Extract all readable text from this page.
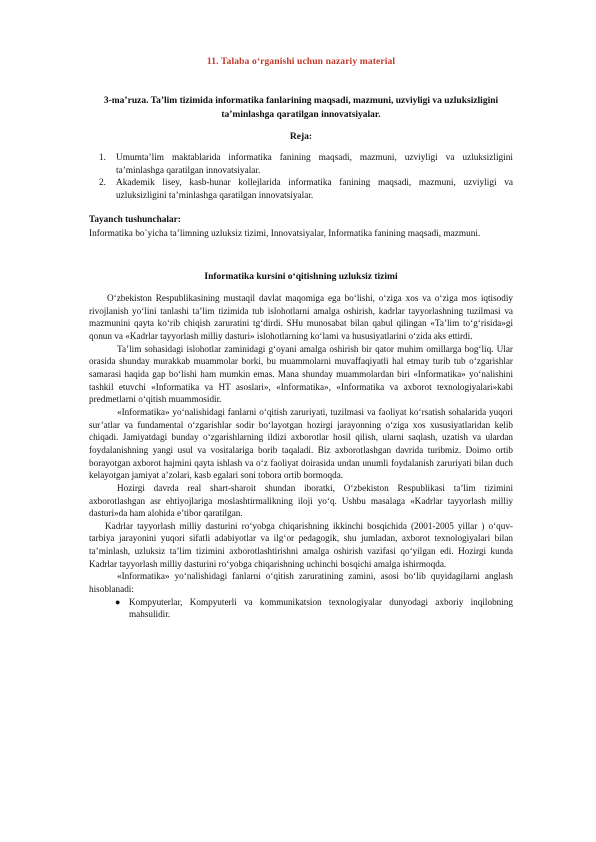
11. Talaba o‘rganishi uchun nazariy material
3-ma’ruza. Ta’lim tizimida informatika fanlarining maqsadi, mazmuni, uzviyligi va uzluksizligini ta’minlashga qaratilgan innovatsiyalar.
Reja:
1. Umumta’lim maktablarida informatika fanining maqsadi, mazmuni, uzviyligi va uzluksizligini ta’minlashga qaratilgan innovatsiyalar.
2. Akademik lisey, kasb-hunar kollejlarida informatika fanining maqsadi, mazmuni, uzviyligi va uzluksizligini ta’minlashga qaratilgan innovatsiyalar.
Tayanch tushunchalar:
Informatika bo`yicha ta’limning uzluksiz tizimi, Innovatsiyalar, Informatika fanining maqsadi, mazmuni.
Informatika kursini o‘qitishning uzluksiz tizimi

O‘zbekiston Respublikasining mustaqil davlat maqomiga ega bo‘lishi, o‘ziga xos va o‘ziga mos iqtisodiy rivojlanish yo‘lini tanlashi ta’lim tizimida tub islohotlarni amalga oshirish, kadrlar tayyorlashning tuzilmasi va mazmunini qayta ko‘rib chiqish zaruratini tg‘dirdi. SHu munosabat bilan qabul qilingan «Ta’lim to‘g‘risida»gi qonun va «Kadrlar tayyorlash milliy dasturi» islohotlarning ko‘lami va hususiyatlarini o‘zida aks ettirdi.

Ta’lim sohasidagi islohotlar zaminidagi g‘oyani amalga oshirish bir qator muhim omillarga bog‘liq. Ular orasida shunday murakkab muammolar borki, bu muammolarni muvaffaqiyatli hal etmay turib tub o‘zgarishlar samarasi haqida gap bo‘lishi ham mumkin emas. Mana shunday muammolardan biri «Informatika» yo‘nalishini tashkil etuvchi «Informatika va HT asoslari», «Informatika», «Informatika va axborot texnologiyalari»kabi predmetlarni o‘qitish muammosidir.

«Informatika» yo‘nalishidagi fanlarni o‘qitish zaruriyati, tuzilmasi va faoliyat ko‘rsatish sohalarida yuqori sur’atlar va fundamental o‘zgarishlar sodir bo‘layotgan hozirgi jarayonning o‘ziga xos xususiyatlaridan kelib chiqadi. Jamiyatdagi bunday o‘zgarishlarning ildizi axborotlar hosil qilish, ularni saqlash, uzatish va ulardan foydalanishning yangi usul va vositalariga borib taqaladi. Biz axborotlashgan davrida turibmiz. Doimo ortib borayotgan axborot hajmini qayta ishlash va o‘z faoliyat doirasida undan unumli foydalanish zaruriyati bilan duch kelayotgan jamiyat a’zolari, kasb egalari soni tobora ortib bormoqda.

Hozirgi davrda real shart-sharoit shundan iboratki, O‘zbekiston Respublikasi ta’lim tizimini axborotlashgan asr ehtiyojlariga moslashtirmalikning iloji yo‘q. Ushbu masalaga «Kadrlar tayyorlash milliy dasturi»da ham alohida e’tibor qaratilgan.

Kadrlar tayyorlash milliy dasturini ro‘yobga chiqarishning ikkinchi bosqichida (2001-2005 yillar ) o‘quv-tarbiya jarayonini yuqori sifatli adabiyotlar va ilg‘or pedagogik, shu jumladan, axborot texnologiyalari bilan ta’minlash, uzluksiz ta’lim tizimini axborotlashtirishni amalga oshirish vazifasi qo‘yilgan edi. Hozirgi kunda Kadrlar tayyorlash milliy dasturini ro‘yobga chiqarishning uchinchi bosqichi amalga ishirmoqda.

«Informatika» yo‘nalishidagi fanlarni o‘qitish zaruratining zamini, asosi bo‘lib quyidagilarni anglash hisoblanadi:

● Kompyuterlar, Kompyuterli va kommunikatsion texnologiyalar dunyodagi axboriy inqilobning mahsulidir.
